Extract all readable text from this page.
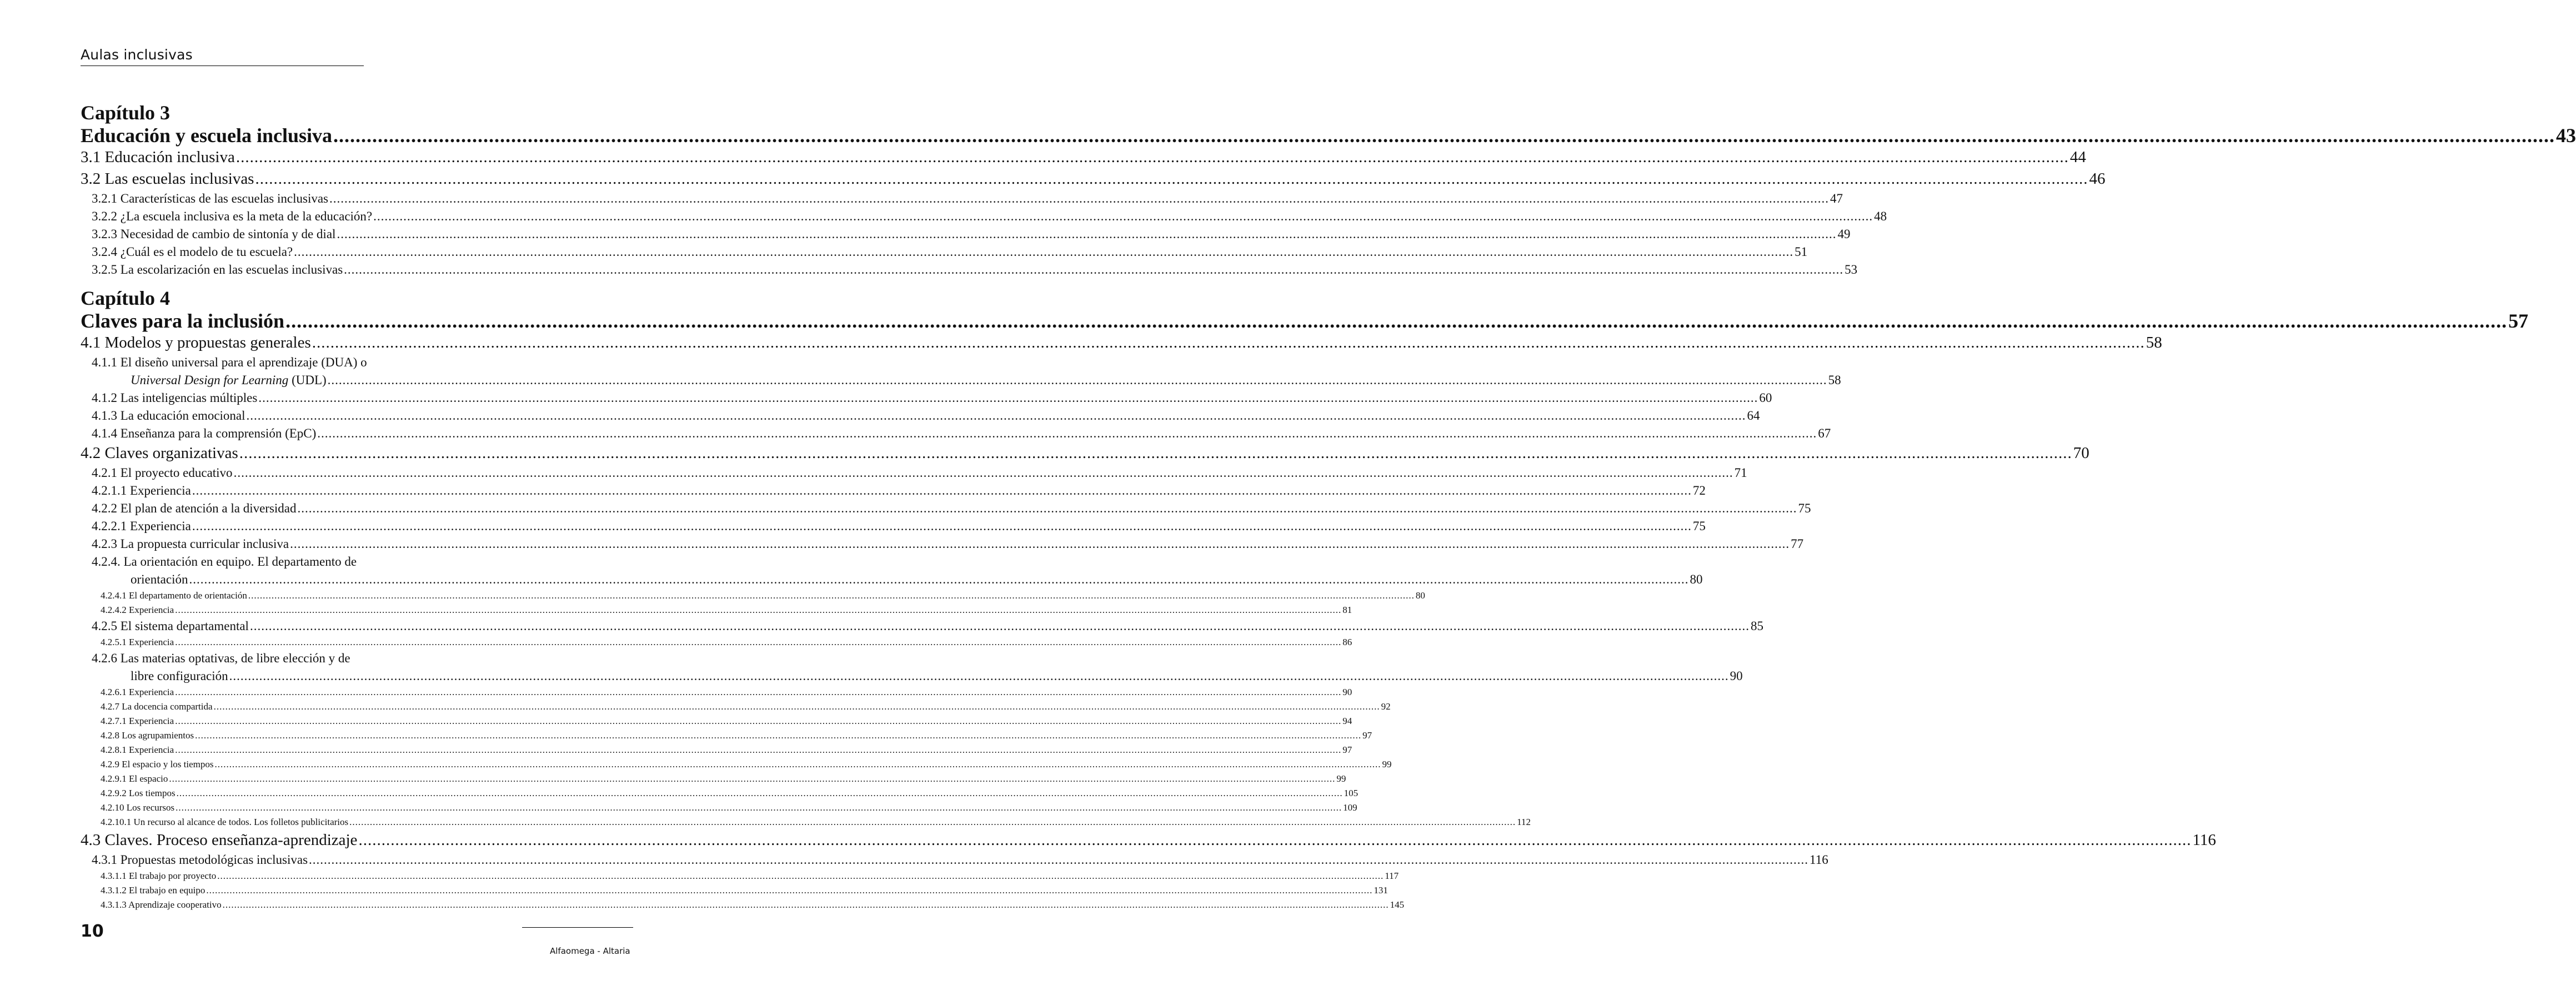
Aulas inclusivas
Capítulo 3
Educación y escuela inclusiva ................................................................................................................................................................................................................................................................................................................................................................................................................ 43
3.1 Educación inclusiva ................................................................................................................................................................................................................................................................................................................................................................................................................ 44
3.2 Las escuelas inclusivas ................................................................................................................................................................................................................................................................................................................................................................................................................ 46
3.2.1 Características de las escuelas inclusivas ................................................................................................................................................................................................................................................................................................................................................................................................................ 47
3.2.2 ¿La escuela inclusiva es la meta de la educación? ................................................................................................................................................................................................................................................................................................................................................................................................................ 48
3.2.3 Necesidad de cambio de sintonía y de dial ................................................................................................................................................................................................................................................................................................................................................................................................................ 49
3.2.4 ¿Cuál es el modelo de tu escuela? ................................................................................................................................................................................................................................................................................................................................................................................................................ 51
3.2.5 La escolarización en las escuelas inclusivas ................................................................................................................................................................................................................................................................................................................................................................................................................ 53
Capítulo 4
Claves para la inclusión ................................................................................................................................................................................................................................................................................................................................................................................................................ 57
4.1 Modelos y propuestas generales ................................................................................................................................................................................................................................................................................................................................................................................................................ 58
4.1.1 El diseño universal para el aprendizaje (DUA) o
Universal Design for Learning (UDL) ................................................................................................................................................................................................................................................................................................................................................................................................................ 58
4.1.2 Las inteligencias múltiples ................................................................................................................................................................................................................................................................................................................................................................................................................ 60
4.1.3 La educación emocional ................................................................................................................................................................................................................................................................................................................................................................................................................ 64
4.1.4 Enseñanza para la comprensión (EpC) ................................................................................................................................................................................................................................................................................................................................................................................................................ 67
4.2 Claves organizativas ................................................................................................................................................................................................................................................................................................................................................................................................................ 70
4.2.1 El proyecto educativo ................................................................................................................................................................................................................................................................................................................................................................................................................ 71
4.2.1.1 Experiencia ................................................................................................................................................................................................................................................................................................................................................................................................................ 72
4.2.2 El plan de atención a la diversidad ................................................................................................................................................................................................................................................................................................................................................................................................................ 75
4.2.2.1 Experiencia ................................................................................................................................................................................................................................................................................................................................................................................................................ 75
4.2.3 La propuesta curricular inclusiva ................................................................................................................................................................................................................................................................................................................................................................................................................ 77
4.2.4. La orientación en equipo. El departamento de
orientación ................................................................................................................................................................................................................................................................................................................................................................................................................ 80
4.2.4.1 El departamento de orientación ................................................................................................................................................................................................................................................................................................................................................................................................................ 80
4.2.4.2 Experiencia ................................................................................................................................................................................................................................................................................................................................................................................................................ 81
4.2.5 El sistema departamental ................................................................................................................................................................................................................................................................................................................................................................................................................ 85
4.2.5.1 Experiencia ................................................................................................................................................................................................................................................................................................................................................................................................................ 86
4.2.6 Las materias optativas, de libre elección y de
libre configuración ................................................................................................................................................................................................................................................................................................................................................................................................................ 90
4.2.6.1 Experiencia ................................................................................................................................................................................................................................................................................................................................................................................................................ 90
4.2.7 La docencia compartida ................................................................................................................................................................................................................................................................................................................................................................................................................ 92
4.2.7.1 Experiencia ................................................................................................................................................................................................................................................................................................................................................................................................................ 94
4.2.8 Los agrupamientos ................................................................................................................................................................................................................................................................................................................................................................................................................ 97
4.2.8.1 Experiencia ................................................................................................................................................................................................................................................................................................................................................................................................................ 97
4.2.9 El espacio y los tiempos ................................................................................................................................................................................................................................................................................................................................................................................................................ 99
4.2.9.1 El espacio ................................................................................................................................................................................................................................................................................................................................................................................................................ 99
4.2.9.2 Los tiempos ................................................................................................................................................................................................................................................................................................................................................................................................................ 105
4.2.10 Los recursos ................................................................................................................................................................................................................................................................................................................................................................................................................ 109
4.2.10.1 Un recurso al alcance de todos. Los folletos publicitarios ................................................................................................................................................................................................................................................................................................................................................................................................................ 112
4.3 Claves. Proceso enseñanza-aprendizaje ................................................................................................................................................................................................................................................................................................................................................................................................................ 116
4.3.1 Propuestas metodológicas inclusivas ................................................................................................................................................................................................................................................................................................................................................................................................................ 116
4.3.1.1 El trabajo por proyecto ................................................................................................................................................................................................................................................................................................................................................................................................................ 117
4.3.1.2 El trabajo en equipo ................................................................................................................................................................................................................................................................................................................................................................................................................ 131
4.3.1.3 Aprendizaje cooperativo ................................................................................................................................................................................................................................................................................................................................................................................................................ 145
10
Alfaomega - Altaria
